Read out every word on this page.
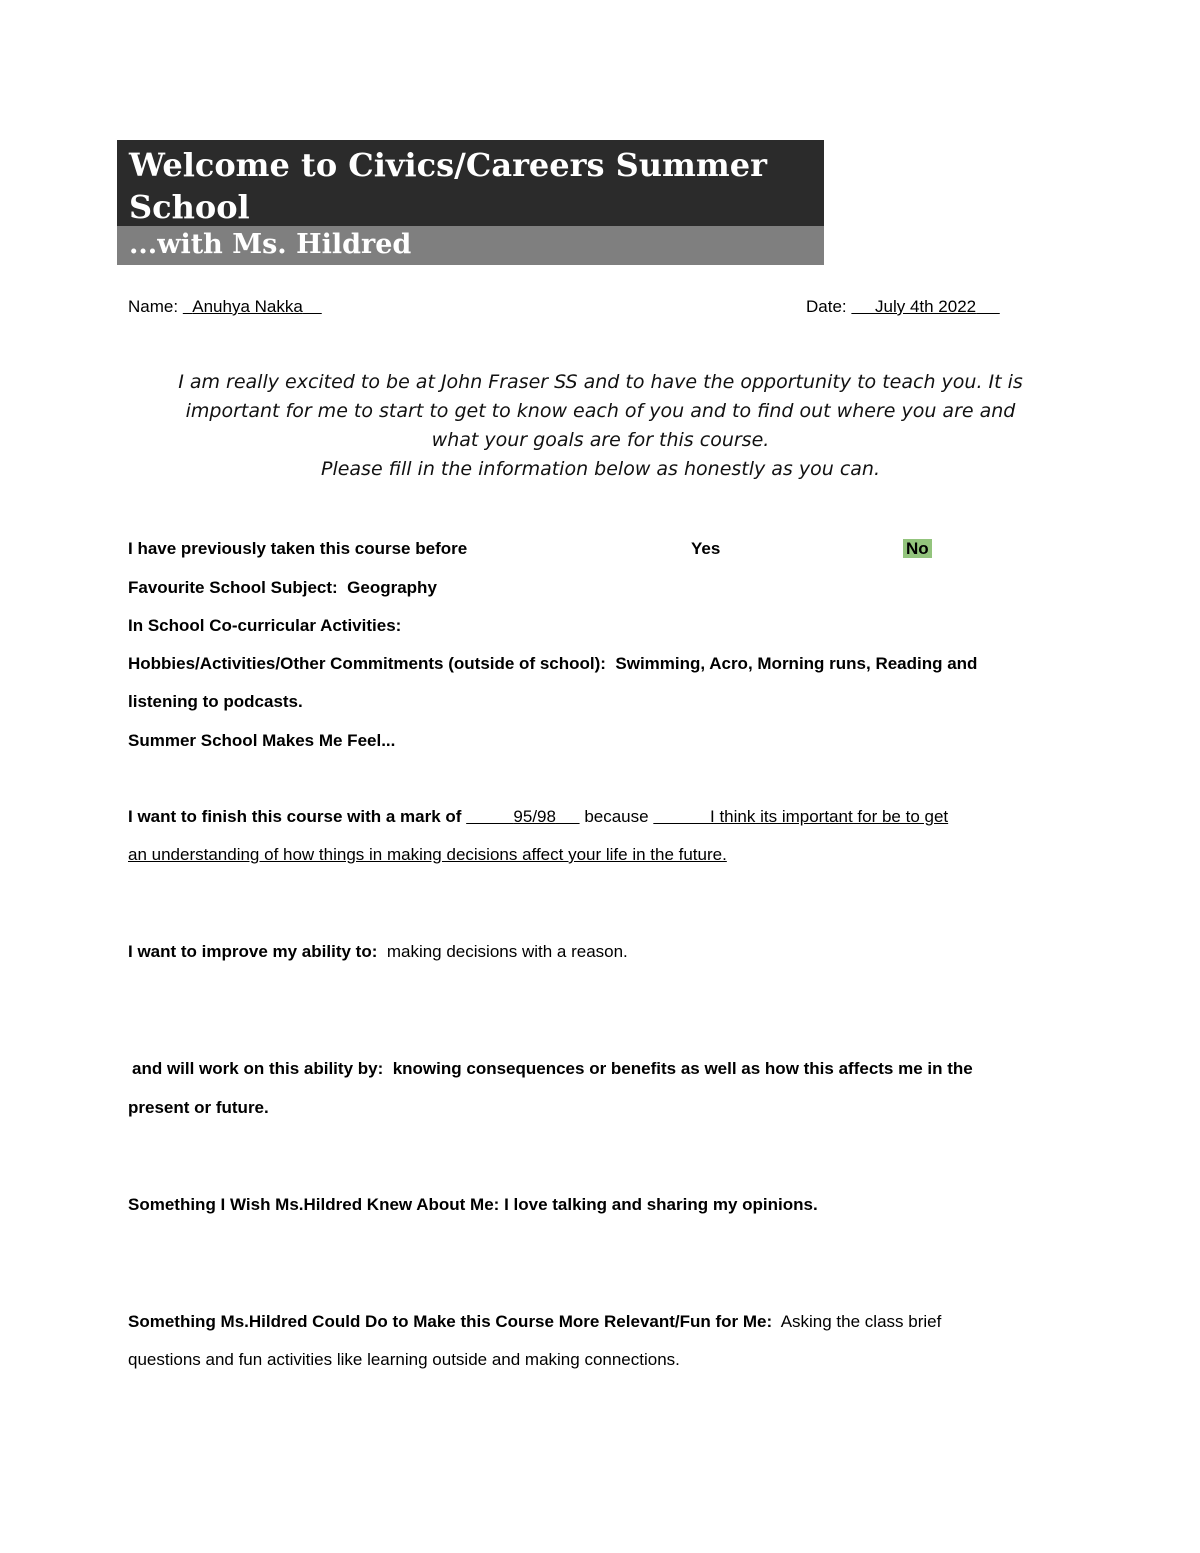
Welcome to Civics/Careers Summer
School
...with Ms. Hildred
Name: Anuhya Nakka	Date: July 4th 2022
I am really excited to be at John Fraser SS and to have the opportunity to teach you. It is
important for me to start to get to know each of you and to find out where you are and
what your goals are for this course.
Please fill in the information below as honestly as you can.
I have previously taken this course before	Yes	No
Favourite School Subject: Geography
In School Co-curricular Activities:
Hobbies/Activities/Other Commitments (outside of school): Swimming, Acro, Morning runs, Reading and
listening to podcasts.
Summer School Makes Me Feel...
I want to finish this course with a mark of	95/98 because	I think its important for be to get
an understanding of how things in making decisions affect your life in the future.
I want to improve my ability to: making decisions with a reason.
and will work on this ability by: knowing consequences or benefits as well as how this affects me in the
present or future.
Something I Wish Ms.Hildred Knew About Me: I love talking and sharing my opinions.
Something Ms.Hildred Could Do to Make this Course More Relevant/Fun for Me: Asking the class brief
questions and fun activities like learning outside and making connections.
